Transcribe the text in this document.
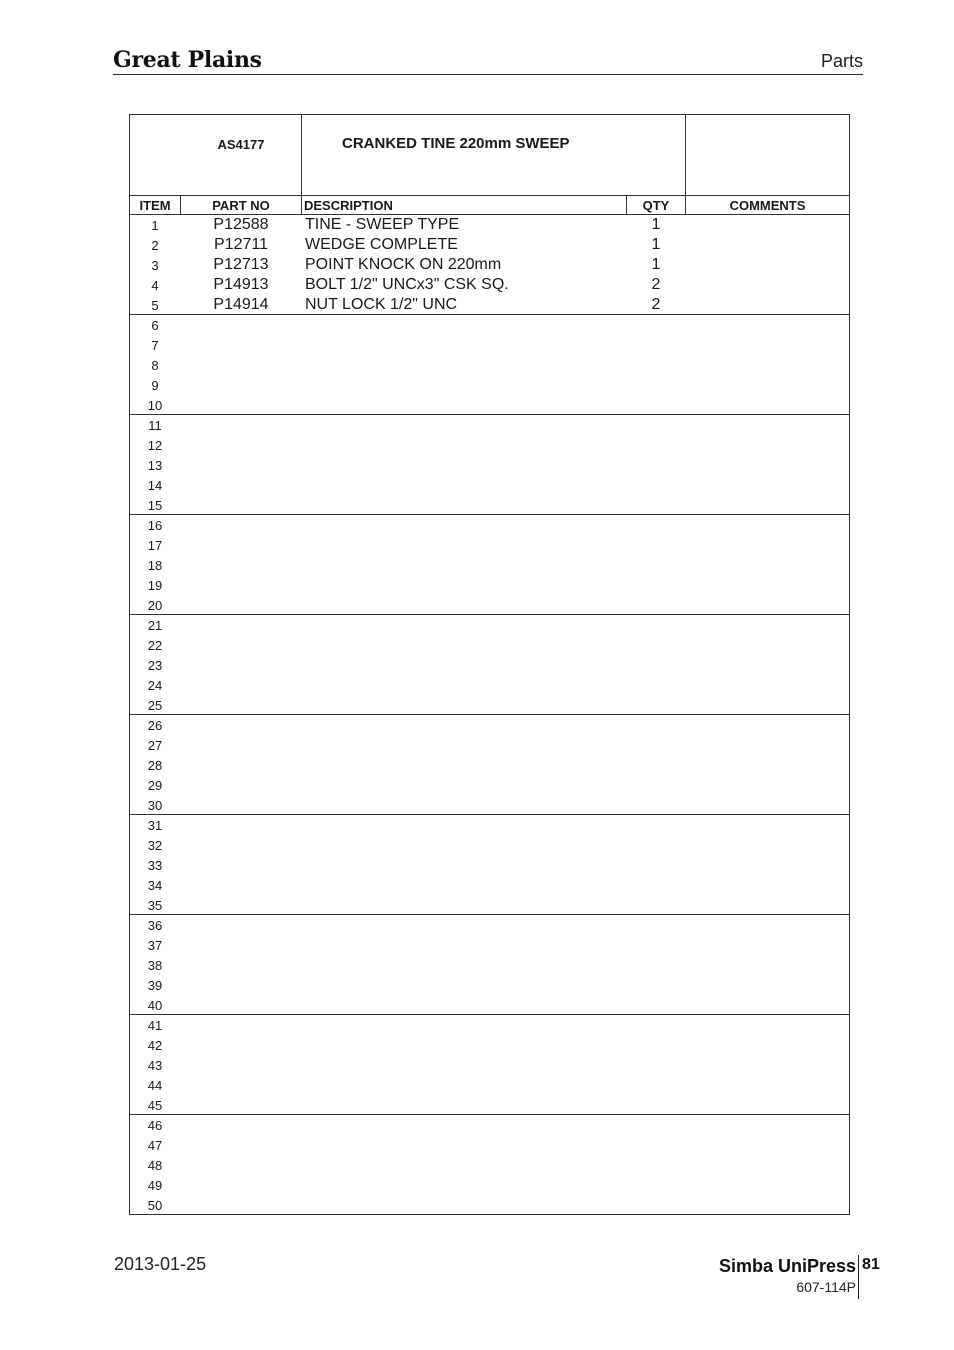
Great Plains	Parts
AS4177	CRANKED TINE 220mm SWEEP
ITEM	PART NO	DESCRIPTION	QTY	COMMENTS
1	P12588	TINE - SWEEP TYPE	1
2	P12711	WEDGE COMPLETE	1
3	P12713	POINT KNOCK ON 220mm	1
4	P14913	BOLT 1/2" UNCx3" CSK SQ.	2
5	P14914	NUT LOCK 1/2" UNC	2
6
7
8
9
10
11
12
13
14
15
16
17
18
19
20
21
22
23
24
25
26
27
28
29
30
31
32
33
34
35
36
37
38
39
40
41
42
43
44
45
46
47
48
49
50
2013-01-25	Simba UniPress 81
607-114P
